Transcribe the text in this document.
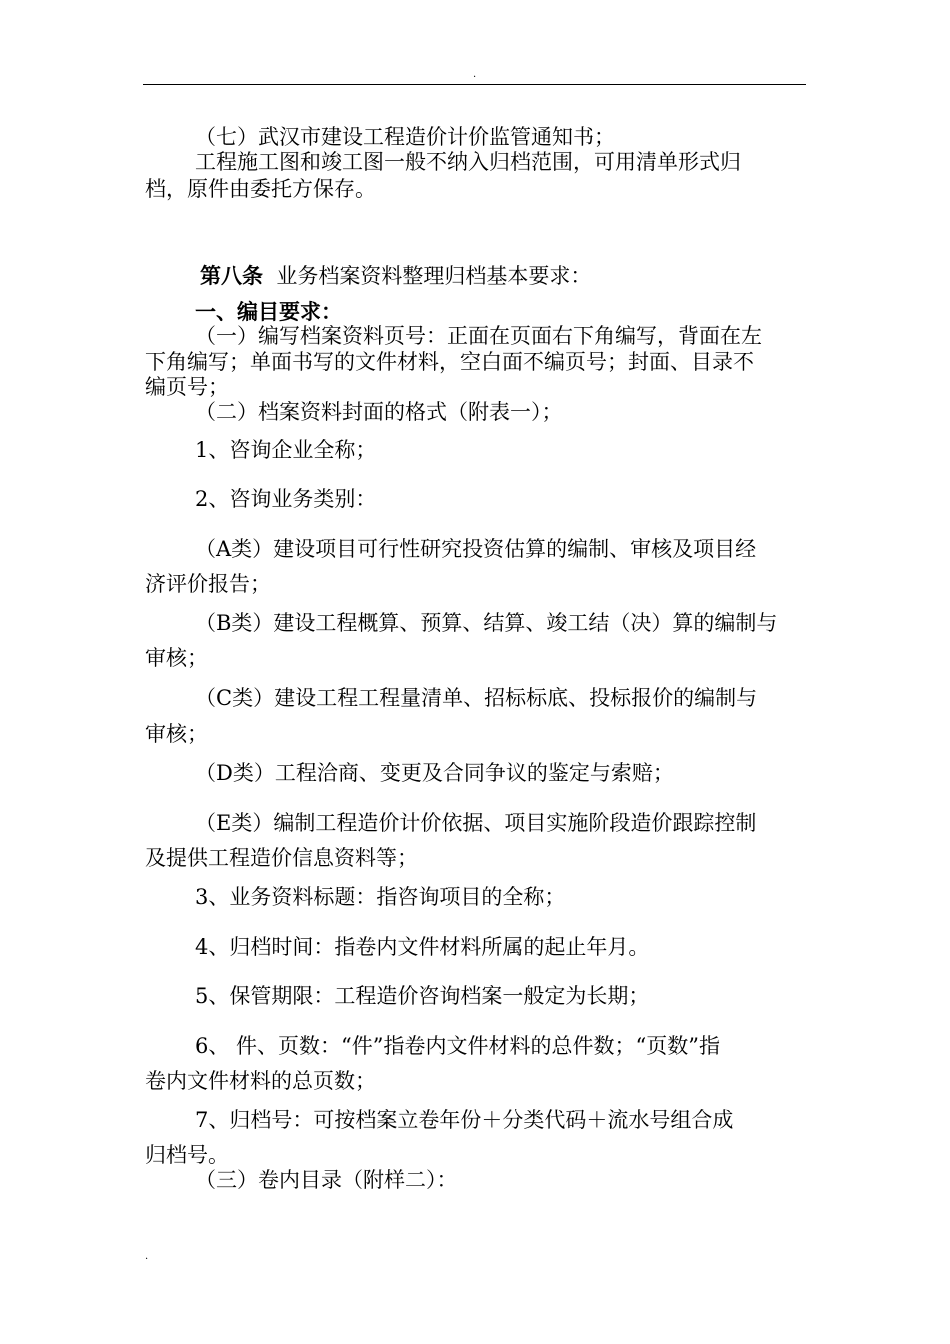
.
（七）武汉市建设工程造价计价监管通知书；
工程施工图和竣工图一般不纳入归档范围，可用清单形式归
档，原件由委托方保存。
第八条 业务档案资料整理归档基本要求：
一、编目要求：
（一）编写档案资料页号：正面在页面右下角编写，背面在左
下角编写；单面书写的文件材料，空白面不编页号；封面、目录不
编页号；
（二）档案资料封面的格式（附表一）；
1、咨询企业全称；
2、咨询业务类别：
（A类）建设项目可行性研究投资估算的编制、审核及项目经
济评价报告；
（B类）建设工程概算、预算、结算、竣工结（决）算的编制与
审核；
（C类）建设工程工程量清单、招标标底、投标报价的编制与
审核；
（D类）工程洽商、变更及合同争议的鉴定与索赔；
（E类）编制工程造价计价依据、项目实施阶段造价跟踪控制
及提供工程造价信息资料等；
3、业务资料标题：指咨询项目的全称；
4、归档时间：指卷内文件材料所属的起止年月。
5、保管期限：工程造价咨询档案一般定为长期；
6、 件、页数：“件”指卷内文件材料的总件数；“页数”指
卷内文件材料的总页数；
7、归档号：可按档案立卷年份＋分类代码＋流水号组合成
归档号。
（三）卷内目录（附样二）：
.
